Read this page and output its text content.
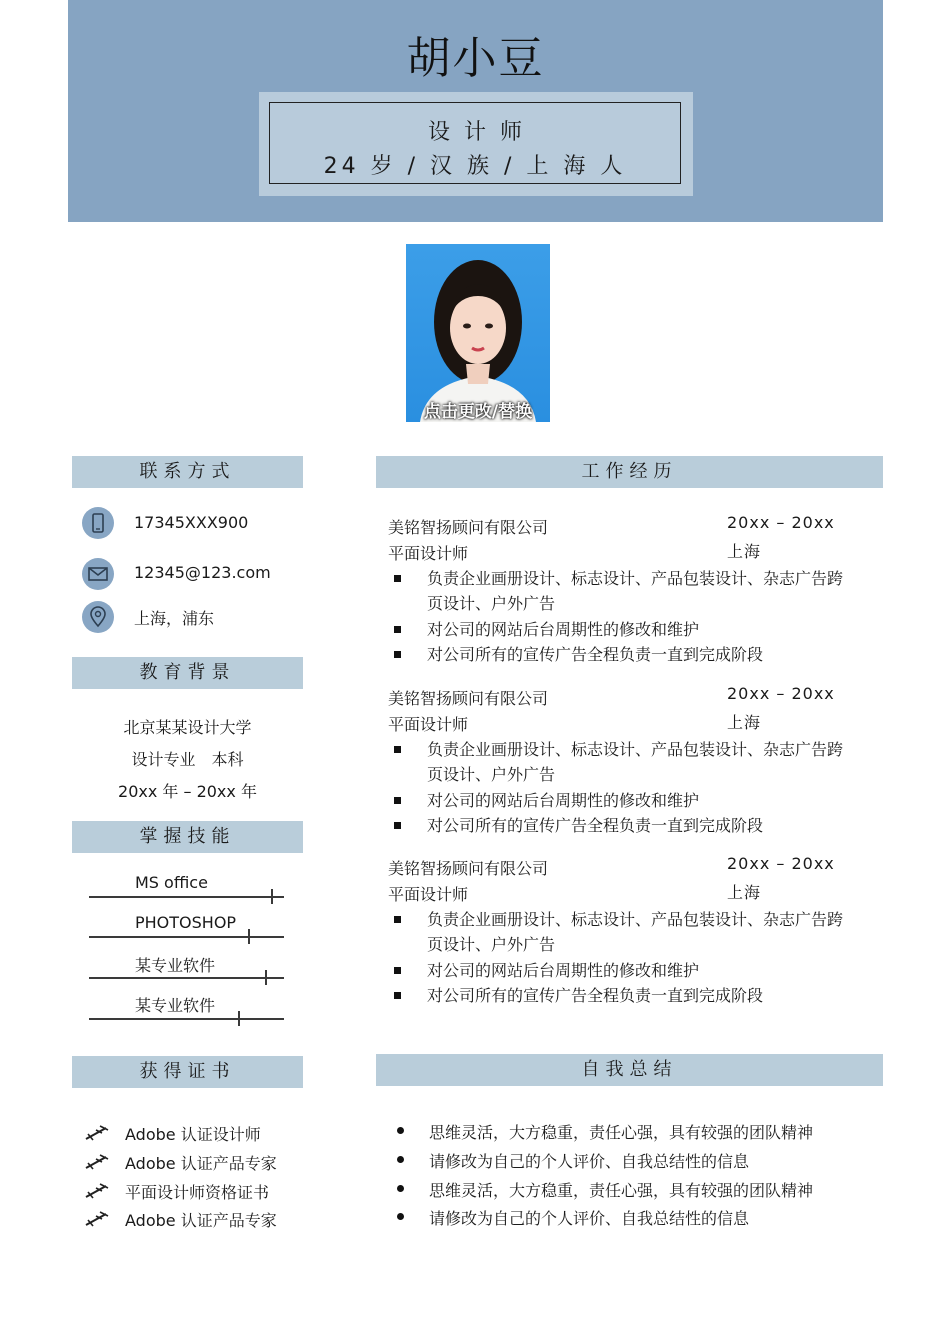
胡小豆
设计师
24 岁 / 汉 族 / 上 海 人
点击更改/替换
联系方式
17345XXX900
12345@123.com
上海，浦东
教育背景
北京某某设计大学
设计专业　本科
20xx 年 – 20xx 年
掌握技能
MS office
PHOTOSHOP
某专业软件
某专业软件
获得证书
Adobe 认证设计师
Adobe 认证产品专家
平面设计师资格证书
Adobe 认证产品专家
工作经历
美铭智扬顾问有限公司	20xx – 20xx
平面设计师	上海
负责企业画册设计、标志设计、产品包装设计、杂志广告跨页设计、户外广告
对公司的网站后台周期性的修改和维护
对公司所有的宣传广告全程负责一直到完成阶段
美铭智扬顾问有限公司	20xx – 20xx
平面设计师	上海
负责企业画册设计、标志设计、产品包装设计、杂志广告跨页设计、户外广告
对公司的网站后台周期性的修改和维护
对公司所有的宣传广告全程负责一直到完成阶段
美铭智扬顾问有限公司	20xx – 20xx
平面设计师	上海
负责企业画册设计、标志设计、产品包装设计、杂志广告跨页设计、户外广告
对公司的网站后台周期性的修改和维护
对公司所有的宣传广告全程负责一直到完成阶段
自我总结
思维灵活，大方稳重，责任心强，具有较强的团队精神
请修改为自己的个人评价、自我总结性的信息
思维灵活，大方稳重，责任心强，具有较强的团队精神
请修改为自己的个人评价、自我总结性的信息
